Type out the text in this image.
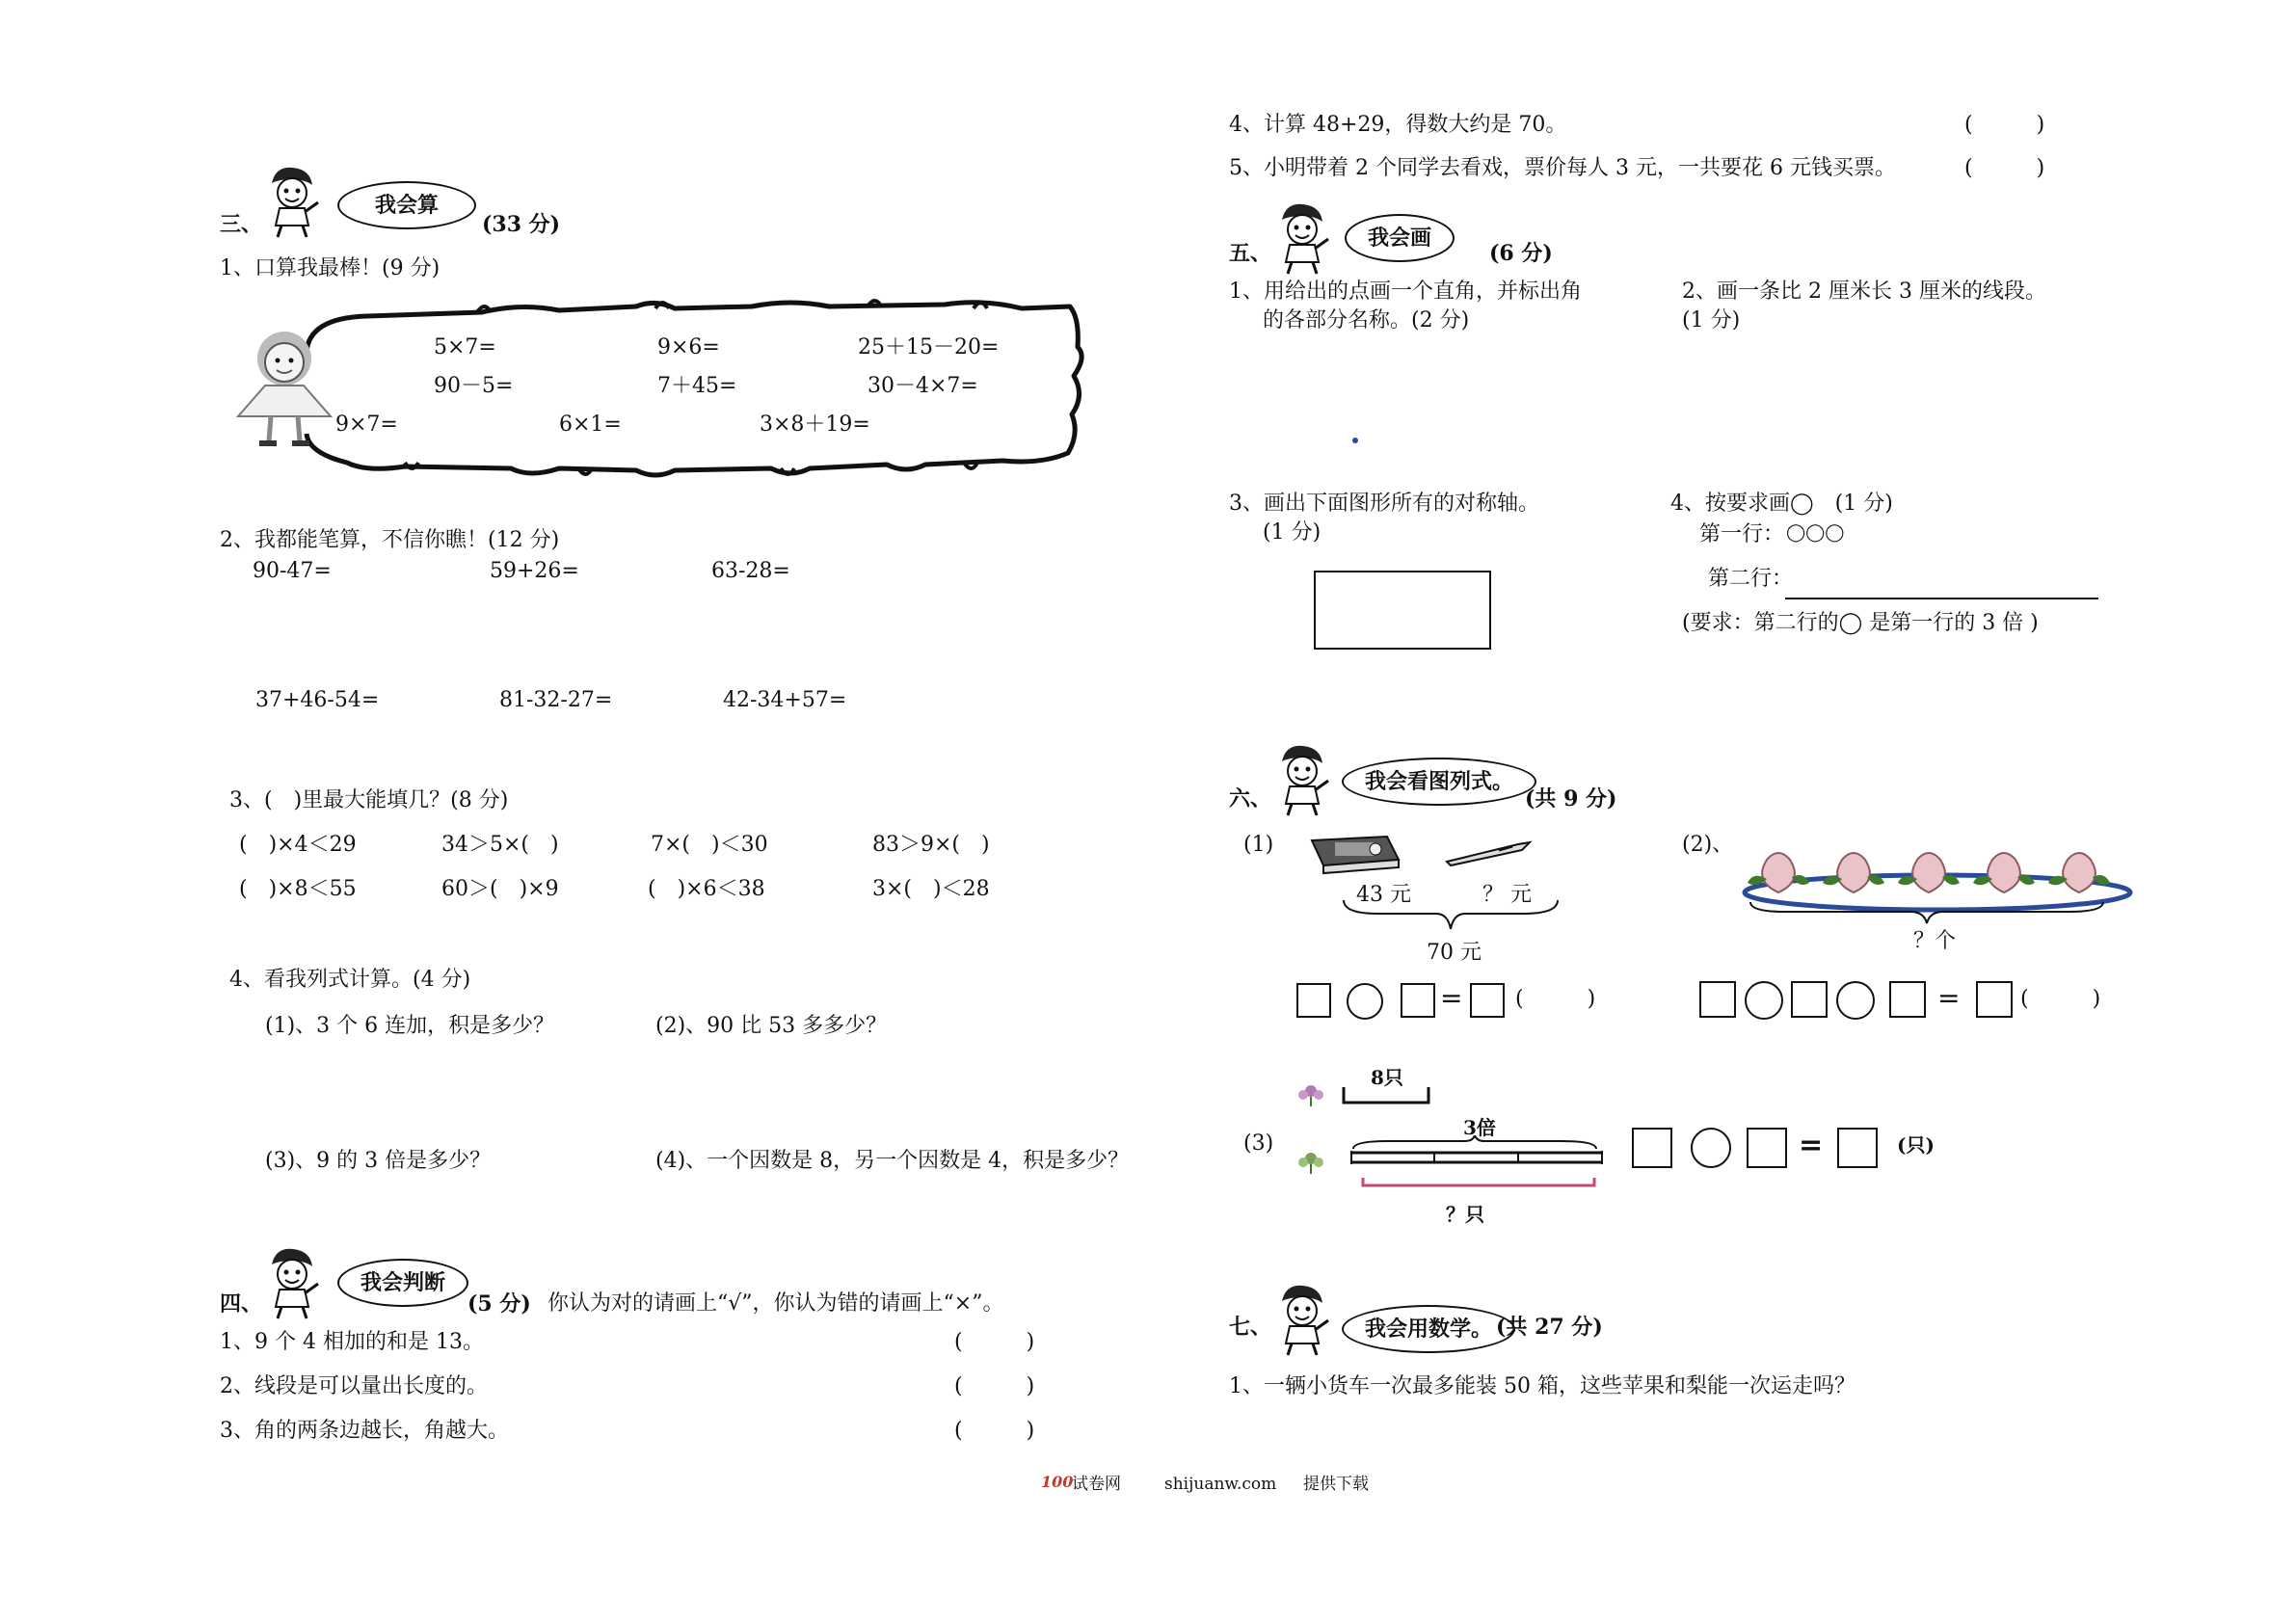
我会算
三、	(33 分)
1、口算我最棒！(9 分)
5×7=	9×6=	25＋15－20=
90－5=	7＋45=	30－4×7=
9×7=	6×1=	3×8＋19=
2、我都能笔算，不信你瞧！(12 分)
90-47=	59+26=	63-28=
37+46-54=	81-32-27=	42-34+57=
3、(　)里最大能填几？(8 分)
(　)×4＜29	34＞5×(　)	7×(　)＜30	83＞9×(　)
(　)×8＜55	60＞(　)×9	(　)×6＜38	3×(　)＜28
4、看我列式计算。(4 分)
(1)、3 个 6 连加，积是多少？	(2)、90 比 53 多多少？
(3)、9 的 3 倍是多少？	(4)、一个因数是 8，另一个因数是 4，积是多少？
我会判断
四、	(5 分) 你认为对的请画上“√”，你认为错的请画上“×”。
1、9 个 4 相加的和是 13。	(　　　)
2、线段是可以量出长度的。	(　　　)
3、角的两条边越长，角越大。	(　　　)
4、计算 48+29，得数大约是 70。	(　　　)
5、小明带着 2 个同学去看戏，票价每人 3 元，一共要花 6 元钱买票。	(　　　)
我会画
五、	(6 分)
1、用给出的点画一个直角，并标出角
的各部分名称。(2 分)
2、画一条比 2 厘米长 3 厘米的线段。
(1 分)
3、画出下面图形所有的对称轴。
(1 分)
4、按要求画◯　(1 分)
第一行： ◯◯◯
第二行：
(要求：第二行的◯ 是第一行的 3 倍 )
我会看图列式。
六、	(共 9 分)
(1)
43 元	？ 元
70 元
= (　　　)
(2)、
？个
=	(　　　)
(3)
8只
3倍
？只
=	(只)
我会用数学。
七、	(共 27 分)
1、一辆小货车一次最多能装 50 箱，这些苹果和梨能一次运走吗？
100
试卷网	shijuanw.com 提供下载
